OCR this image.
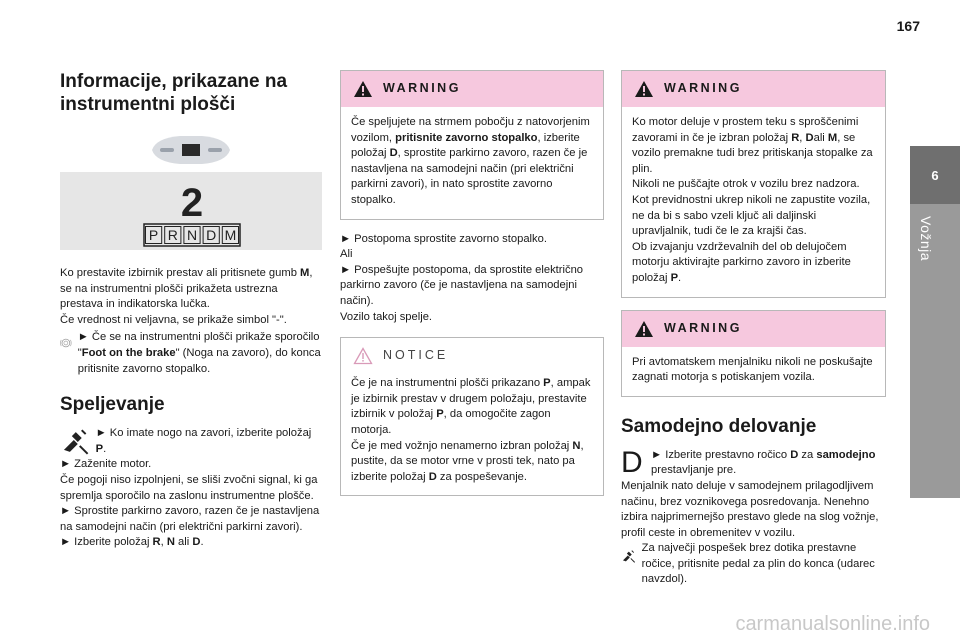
167
6
Vožnja
Informacije, prikazane na instrumentni plošči
2
P R N D M

Ko prestavite izbirnik prestav ali pritisnete gumb M, se na instrumentni plošči prikažeta ustrezna prestava in indikatorska lučka.

Če vrednost ni veljavna, se prikaže simbol "-".

► Če se na instrumentni plošči prikaže sporočilo "Foot on the brake" (Noga na zavoro), do konca pritisnite zavorno stopalko.

Speljevanje

► Ko imate nogo na zavori, izberite položaj P.

► Zaženite motor.

Če pogoji niso izpolnjeni, se sliši zvočni signal, ki ga spremlja sporočilo na zaslonu instrumentne plošče.

► Sprostite parkirno zavoro, razen če je nastavljena na samodejni način (pri električni parkirni zavori).

► Izberite položaj R, N ali D.

WARNING

Če speljujete na strmem pobočju z natovorjenim vozilom, pritisnite zavorno stopalko, izberite položaj D, sprostite parkirno zavoro, razen če je nastavljena na samodejni način (pri električni parkirni zavori), in nato sprostite zavorno stopalko.

► Postopoma sprostite zavorno stopalko.

Ali

► Pospešujte postopoma, da sprostite električno parkirno zavoro (če je nastavljena na samodejni način).

Vozilo takoj spelje.

NOTICE

Če je na instrumentni plošči prikazano P, ampak je izbirnik prestav v drugem položaju, prestavite izbirnik v položaj P, da omogočite zagon motorja.

Če je med vožnjo nenamerno izbran položaj N, pustite, da se motor vrne v prosti tek, nato pa izberite položaj D za pospeševanje.

WARNING

Ko motor deluje v prostem teku s sproščenimi zavorami in če je izbran položaj R, Dali M, se vozilo premakne tudi brez pritiskanja stopalke za plin.

Nikoli ne puščajte otrok v vozilu brez nadzora.

Kot previdnostni ukrep nikoli ne zapustite vozila, ne da bi s sabo vzeli ključ ali daljinski upravljalnik, tudi če le za krajši čas.

Ob izvajanju vzdrževalnih del ob delujočem motorju aktivirajte parkirno zavoro in izberite položaj P.

WARNING

Pri avtomatskem menjalniku nikoli ne poskušajte zagnati motorja s potiskanjem vozila.

Samodejno delovanje
D ► Izberite prestavno ročico D za samodejno prestavljanje pre.

Menjalnik nato deluje v samodejnem prilagodljivem načinu, brez voznikovega posredovanja. Nenehno izbira najprimernejšo prestavo glede na slog vožnje, profil ceste in obremenitev v vozilu.

Za največji pospešek brez dotika prestavne ročice, pritisnite pedal za plin do konca (udarec navzdol).

carmanualsonline.info
